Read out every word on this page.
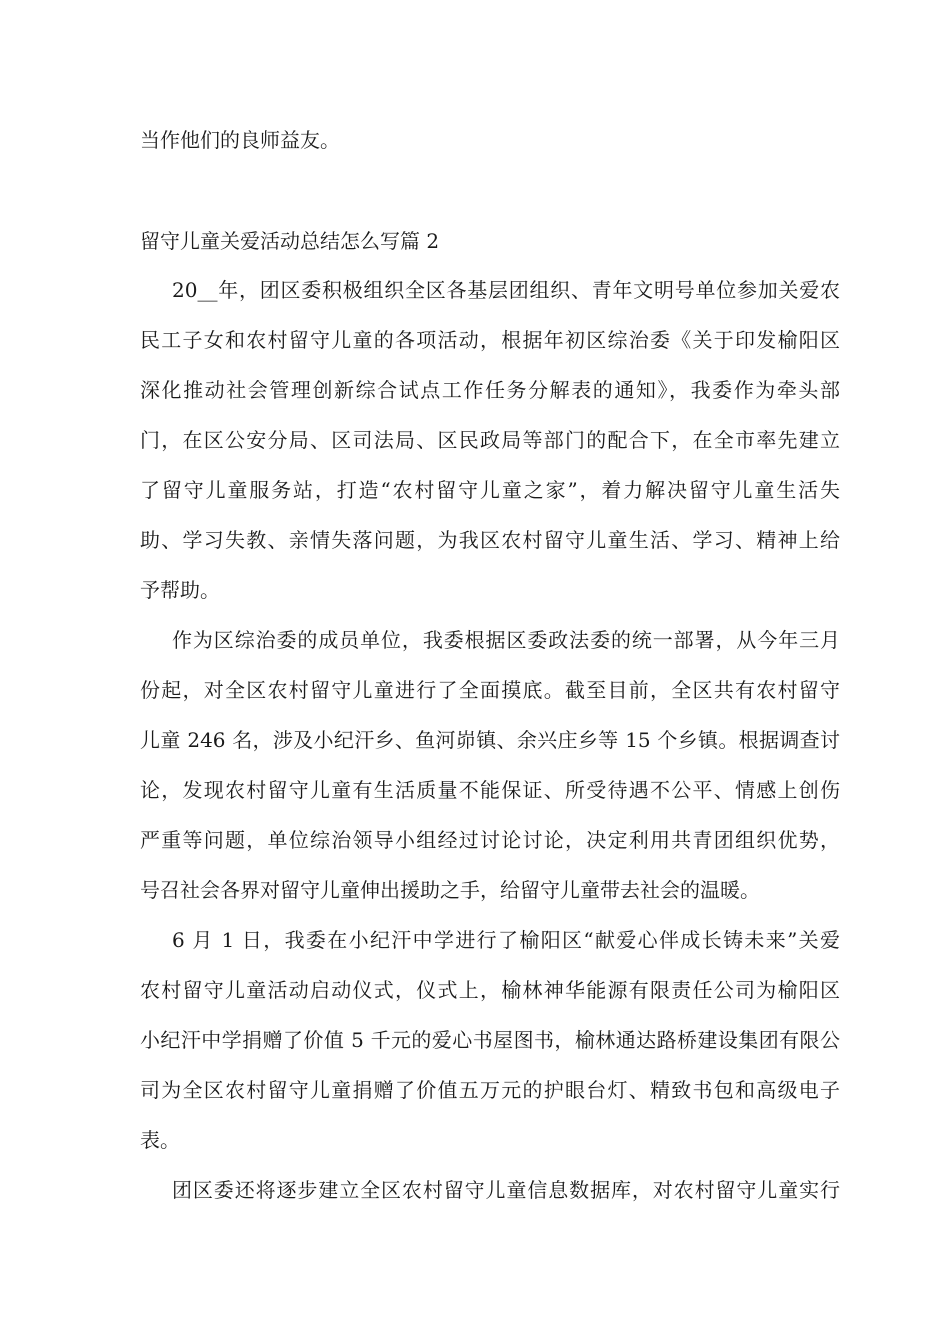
当作他们的良师益友。
留守儿童关爱活动总结怎么写篇 2
20__年，团区委积极组织全区各基层团组织、青年文明号单位参加关爱农
民工子女和农村留守儿童的各项活动，根据年初区综治委《关于印发榆阳区
深化推动社会管理创新综合试点工作任务分解表的通知》，我委作为牵头部
门，在区公安分局、区司法局、区民政局等部门的配合下，在全市率先建立
了留守儿童服务站，打造“农村留守儿童之家”，着力解决留守儿童生活失
助、学习失教、亲情失落问题，为我区农村留守儿童生活、学习、精神上给
予帮助。
作为区综治委的成员单位，我委根据区委政法委的统一部署，从今年三月
份起，对全区农村留守儿童进行了全面摸底。截至目前，全区共有农村留守
儿童 246 名，涉及小纪汗乡、鱼河峁镇、余兴庄乡等 15 个乡镇。根据调查讨
论，发现农村留守儿童有生活质量不能保证、所受待遇不公平、情感上创伤
严重等问题，单位综治领导小组经过讨论讨论，决定利用共青团组织优势，
号召社会各界对留守儿童伸出援助之手，给留守儿童带去社会的温暖。
6 月 1 日，我委在小纪汗中学进行了榆阳区“献爱心伴成长铸未来”关爱
农村留守儿童活动启动仪式，仪式上，榆林神华能源有限责任公司为榆阳区
小纪汗中学捐赠了价值 5 千元的爱心书屋图书，榆林通达路桥建设集团有限公
司为全区农村留守儿童捐赠了价值五万元的护眼台灯、精致书包和高级电子
表。
团区委还将逐步建立全区农村留守儿童信息数据库，对农村留守儿童实行
